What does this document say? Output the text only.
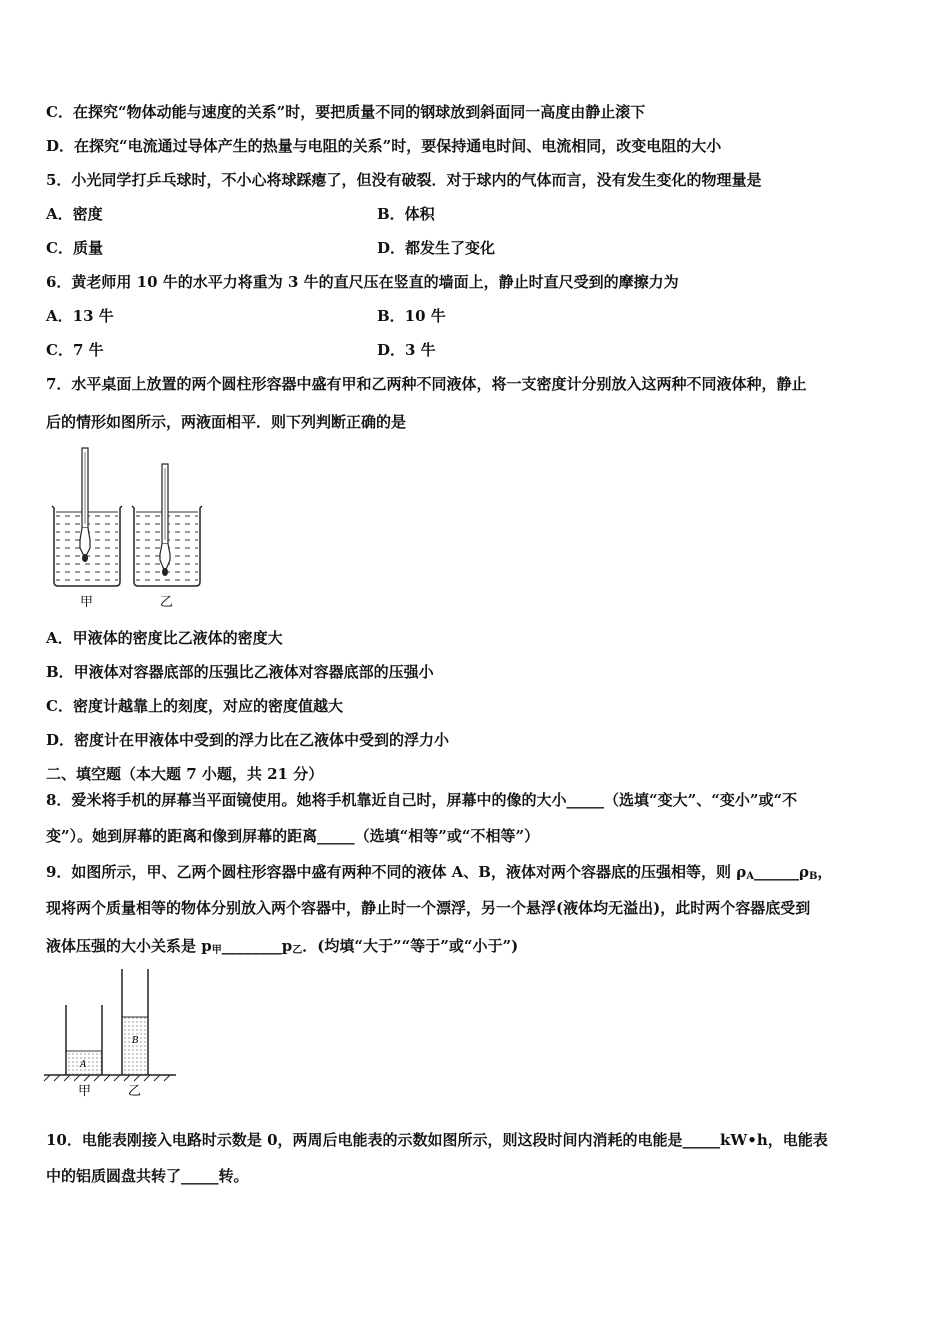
C．在探究“物体动能与速度的关系”时，要把质量不同的钢球放到斜面同一高度由静止滚下
D．在探究“电流通过导体产生的热量与电阻的关系”时，要保持通电时间、电流相同，改变电阻的大小
5．小光同学打乒乓球时，不小心将球踩瘪了，但没有破裂．对于球内的气体而言，没有发生变化的物理量是
A．密度	B．体积
C．质量	D．都发生了变化
6．黄老师用 10 牛的水平力将重为 3 牛的直尺压在竖直的墙面上，静止时直尺受到的摩擦力为
A．13 牛	B．10 牛
C．7 牛	D．3 牛
7．水平桌面上放置的两个圆柱形容器中盛有甲和乙两种不同液体，将一支密度计分别放入这两种不同液体种，静止
后的情形如图所示，两液面相平．则下列判断正确的是
甲	乙
A．甲液体的密度比乙液体的密度大
B．甲液体对容器底部的压强比乙液体对容器底部的压强小
C．密度计越靠上的刻度，对应的密度值越大
D．密度计在甲液体中受到的浮力比在乙液体中受到的浮力小
二、填空题（本大题 7 小题，共 21 分）
8．爱米将手机的屏幕当平面镜使用。她将手机靠近自己时，屏幕中的像的大小_____（选填“变大”、“变小”或“不
变”）。她到屏幕的距离和像到屏幕的距离_____（选填“相等”或“不相等”）
9．如图所示，甲、乙两个圆柱形容器中盛有两种不同的液体 A、B，液体对两个容器底的压强相等，则 $\rho_A\_\_\_\_\_\_\rho_B$，
现将两个质量相等的物体分别放入两个容器中，静止时一个漂浮，另一个悬浮(液体均无溢出)，此时两个容器底受到
液体压强的大小关系是 $p_甲\_\_\_\_\_\_\_\_p_乙$．(均填“大于”“等于”或“小于”)
A
B
甲	乙
10．电能表刚接入电路时示数是 0，两周后电能表的示数如图所示，则这段时间内消耗的电能是_____kW•h，电能表
中的铝质圆盘共转了_____转。
